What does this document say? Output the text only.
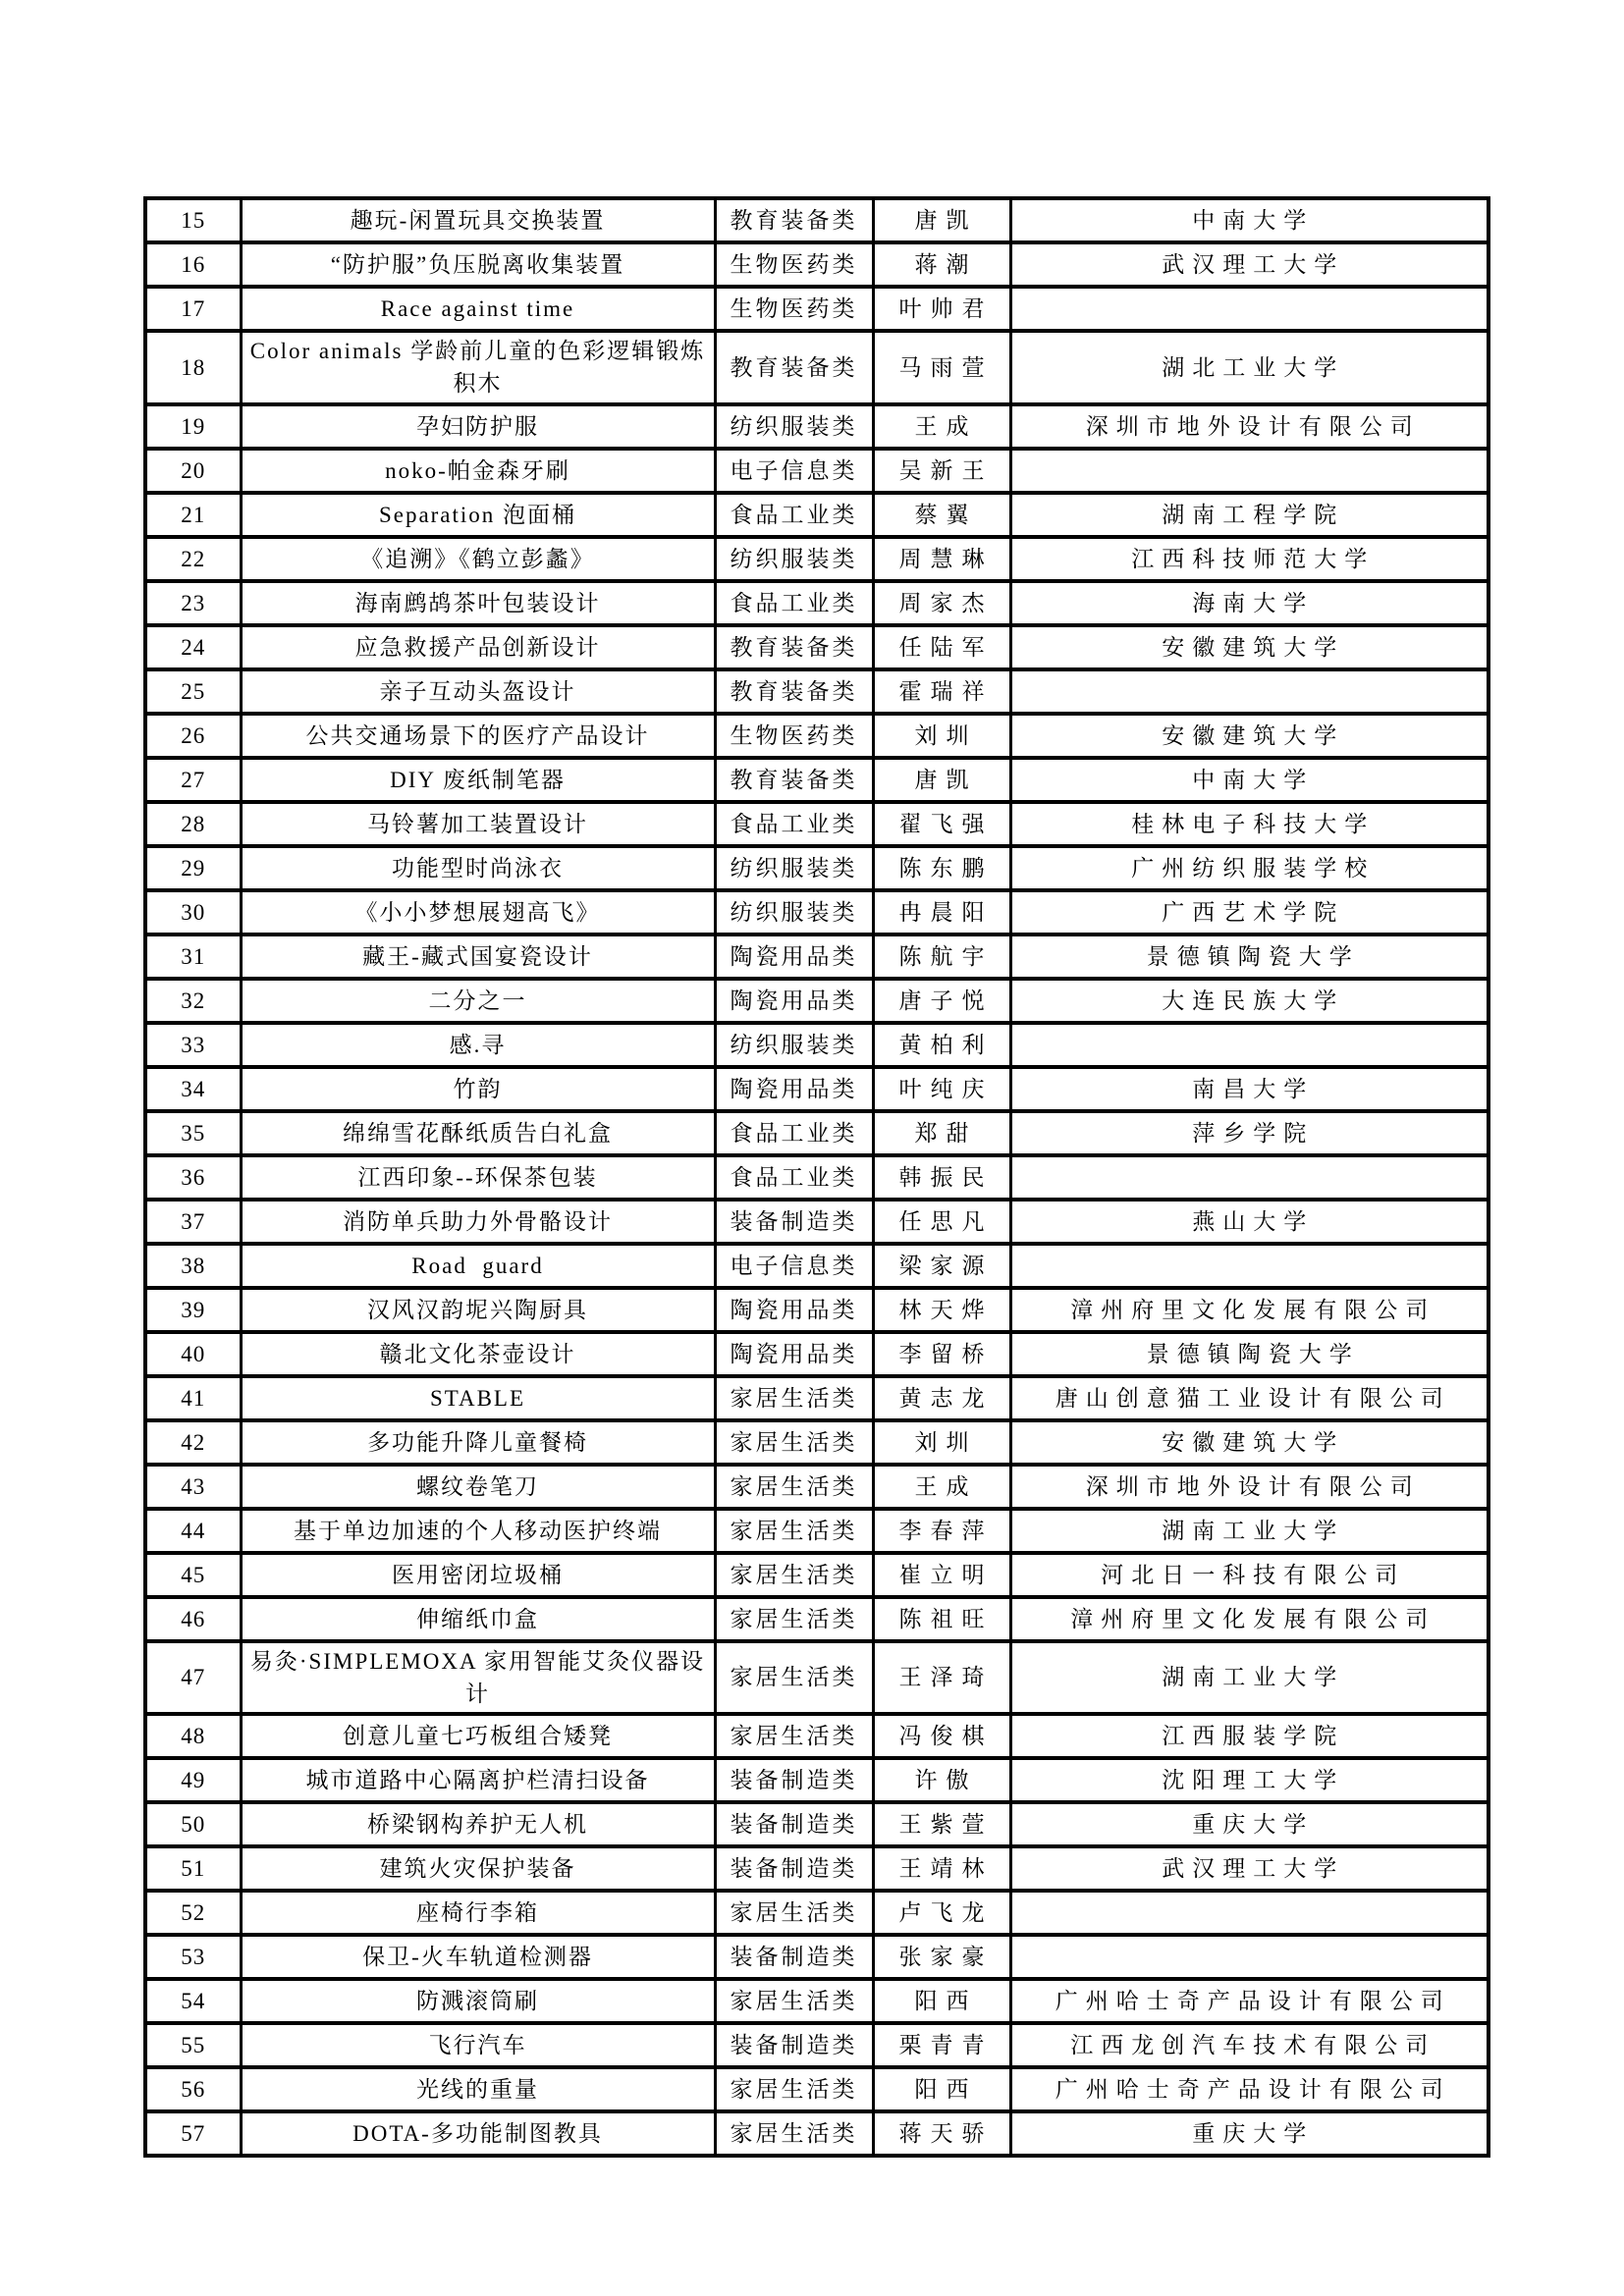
15	趣玩-闲置玩具交换装置	教育装备类	唐凯	中南大学
16	“防护服”负压脱离收集装置	生物医药类	蒋潮	武汉理工大学
17	Race against time	生物医药类	叶帅君	
18	Color animals 学龄前儿童的色彩逻辑锻炼积木	教育装备类	马雨萱	湖北工业大学
19	孕妇防护服	纺织服装类	王成	深圳市地外设计有限公司
20	noko-帕金森牙刷	电子信息类	吴新王	
21	Separation 泡面桶	食品工业类	蔡翼	湖南工程学院
22	《追溯》《鹤立彭蠡》	纺织服装类	周慧琳	江西科技师范大学
23	海南鹧鸪茶叶包装设计	食品工业类	周家杰	海南大学
24	应急救援产品创新设计	教育装备类	任陆军	安徽建筑大学
25	亲子互动头盔设计	教育装备类	霍瑞祥	
26	公共交通场景下的医疗产品设计	生物医药类	刘圳	安徽建筑大学
27	DIY 废纸制笔器	教育装备类	唐凯	中南大学
28	马铃薯加工装置设计	食品工业类	翟飞强	桂林电子科技大学
29	功能型时尚泳衣	纺织服装类	陈东鹏	广州纺织服装学校
30	《小小梦想展翅高飞》	纺织服装类	冉晨阳	广西艺术学院
31	藏王-藏式国宴瓷设计	陶瓷用品类	陈航宇	景德镇陶瓷大学
32	二分之一	陶瓷用品类	唐子悦	大连民族大学
33	感.寻	纺织服装类	黄柏利	
34	竹韵	陶瓷用品类	叶纯庆	南昌大学
35	绵绵雪花酥纸质告白礼盒	食品工业类	郑甜	萍乡学院
36	江西印象--环保茶包装	食品工业类	韩振民	
37	消防单兵助力外骨骼设计	装备制造类	任思凡	燕山大学
38	Road  guard	电子信息类	梁家源	
39	汉风汉韵坭兴陶厨具	陶瓷用品类	林天烨	漳州府里文化发展有限公司
40	赣北文化茶壶设计	陶瓷用品类	李留桥	景德镇陶瓷大学
41	STABLE	家居生活类	黄志龙	唐山创意猫工业设计有限公司
42	多功能升降儿童餐椅	家居生活类	刘圳	安徽建筑大学
43	螺纹卷笔刀	家居生活类	王成	深圳市地外设计有限公司
44	基于单边加速的个人移动医护终端	家居生活类	李春萍	湖南工业大学
45	医用密闭垃圾桶	家居生活类	崔立明	河北日一科技有限公司
46	伸缩纸巾盒	家居生活类	陈祖旺	漳州府里文化发展有限公司
47	易灸·SIMPLEMOXA 家用智能艾灸仪器设计	家居生活类	王泽琦	湖南工业大学
48	创意儿童七巧板组合矮凳	家居生活类	冯俊棋	江西服装学院
49	城市道路中心隔离护栏清扫设备	装备制造类	许傲	沈阳理工大学
50	桥梁钢构养护无人机	装备制造类	王紫萱	重庆大学
51	建筑火灾保护装备	装备制造类	王靖林	武汉理工大学
52	座椅行李箱	家居生活类	卢飞龙	
53	保卫-火车轨道检测器	装备制造类	张家豪	
54	防溅滚筒刷	家居生活类	阳西	广州哈士奇产品设计有限公司
55	飞行汽车	装备制造类	栗青青	江西龙创汽车技术有限公司
56	光线的重量	家居生活类	阳西	广州哈士奇产品设计有限公司
57	DOTA-多功能制图教具	家居生活类	蒋天骄	重庆大学
